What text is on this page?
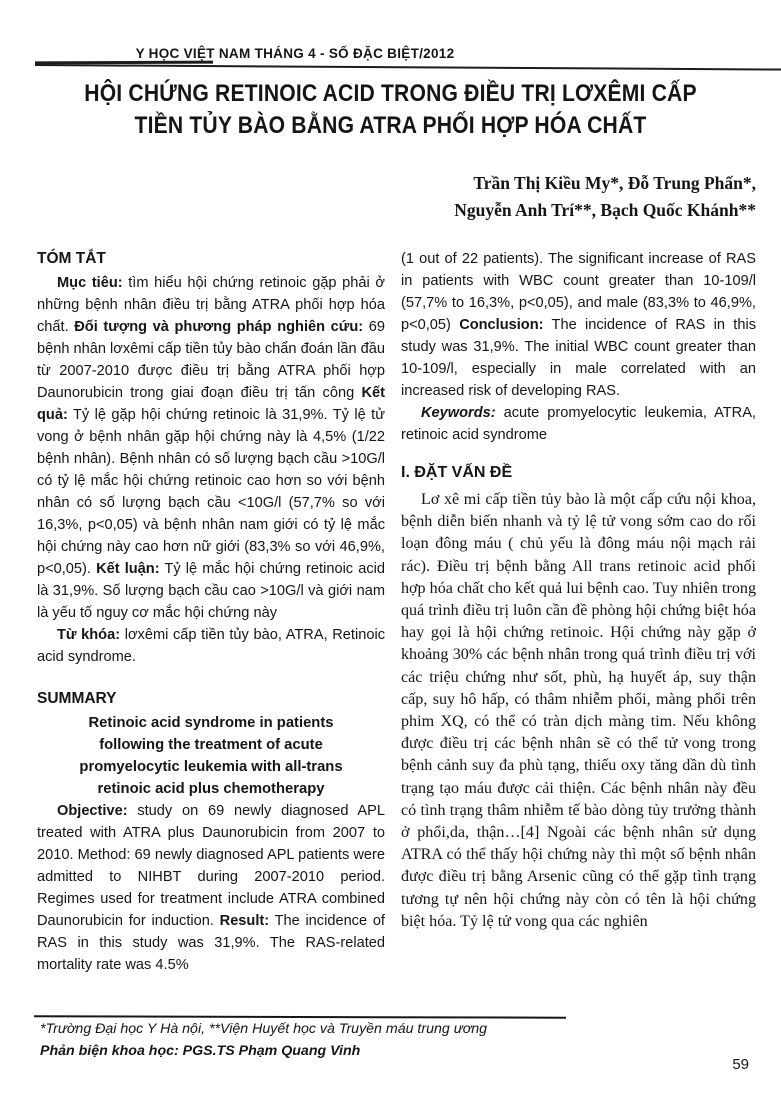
Y HỌC VIỆT NAM THÁNG 4 - SỐ ĐẶC BIỆT/2012
HỘI CHỨNG RETINOIC ACID TRONG ĐIỀU TRỊ LƠXÊMI CẤP
TIỀN TỦY BÀO BẰNG ATRA PHỐI HỢP HÓA CHẤT
Trần Thị Kiều My*, Đỗ Trung Phấn*,
Nguyễn Anh Trí**, Bạch Quốc Khánh**
TÓM TẮT

Mục tiêu: tìm hiểu hội chứng retinoic gặp phải ở những bệnh nhân điều trị bằng ATRA phối hợp hóa chất. Đối tượng và phương pháp nghiên cứu: 69 bệnh nhân lơxêmi cấp tiền tủy bào chẩn đoán lần đầu từ 2007-2010 được điều trị bằng ATRA phối hợp Daunorubicin trong giai đoạn điều trị tấn công Kết quả: Tỷ lệ gặp hội chứng retinoic là 31,9%. Tỷ lệ tử vong ở bệnh nhân gặp hội chứng này là 4,5% (1/22 bệnh nhân). Bệnh nhân có số lượng bạch cầu >10G/l có tỷ lệ mắc hội chứng retinoic cao hơn so với bệnh nhân có số lượng bạch cầu <10G/l (57,7% so với 16,3%, p<0,05) và bệnh nhân nam giới có tỷ lệ mắc hội chứng này cao hơn nữ giới (83,3% so với 46,9%, p<0,05). Kết luận: Tỷ lệ mắc hội chứng retinoic acid là 31,9%. Số lượng bạch cầu cao >10G/l và giới nam là yếu tố nguy cơ mắc hội chứng này

Từ khóa: lơxêmi cấp tiền tủy bào, ATRA, Retinoic acid syndrome.

SUMMARY
Retinoic acid syndrome in patients
following the treatment of acute
promyelocytic leukemia with all-trans
retinoic acid plus chemotherapy

Objective: study on 69 newly diagnosed APL treated with ATRA plus Daunorubicin from 2007 to 2010. Method: 69 newly diagnosed APL patients were admitted to NIHBT during 2007-2010 period. Regimes used for treatment include ATRA combined Daunorubicin for induction. Result: The incidence of RAS in this study was 31,9%. The RAS-related mortality rate was 4.5%

(1 out of 22 patients). The significant increase of RAS in patients with WBC count greater than 10-109/l (57,7% to 16,3%, p<0,05), and male (83,3% to 46,9%, p<0,05) Conclusion: The incidence of RAS in this study was 31,9%. The initial WBC count greater than 10-109/l, especially in male correlated with an increased risk of developing RAS.

Keywords: acute promyelocytic leukemia, ATRA, retinoic acid syndrome

I. ĐẶT VẤN ĐỀ

Lơ xê mi cấp tiền tủy bào là một cấp cứu nội khoa, bệnh diễn biến nhanh và tỷ lệ tử vong sớm cao do rối loạn đông máu ( chủ yếu là đông máu nội mạch rải rác). Điều trị bệnh bằng All trans retinoic acid phối hợp hóa chất cho kết quả lui bệnh cao. Tuy nhiên trong quá trình điều trị luôn cần đề phòng hội chứng biệt hóa hay gọi là hội chứng retinoic. Hội chứng này gặp ở khoảng 30% các bệnh nhân trong quá trình điều trị với các triệu chứng như sốt, phù, hạ huyết áp, suy thận cấp, suy hô hấp, có thâm nhiễm phổi, màng phổi trên phim XQ, có thể có tràn dịch màng tim. Nếu không được điều trị các bệnh nhân sẽ có thể tử vong trong bệnh cảnh suy đa phù tạng, thiếu oxy tăng dần dù tình trạng tạo máu được cải thiện. Các bệnh nhân này đều có tình trạng thâm nhiễm tế bào dòng tủy trưởng thành ở phổi,da, thận…[4] Ngoài các bệnh nhân sử dụng ATRA có thể thấy hội chứng này thì một số bệnh nhân được điều trị bằng Arsenic cũng có thể gặp tình trạng tương tự nên hội chứng này còn có tên là hội chứng biệt hóa. Tỷ lệ tử vong qua các nghiên

*Trường Đại học Y Hà nội, **Viện Huyết học và Truyền máu trung ương
Phản biện khoa học: PGS.TS Phạm Quang Vinh
59
